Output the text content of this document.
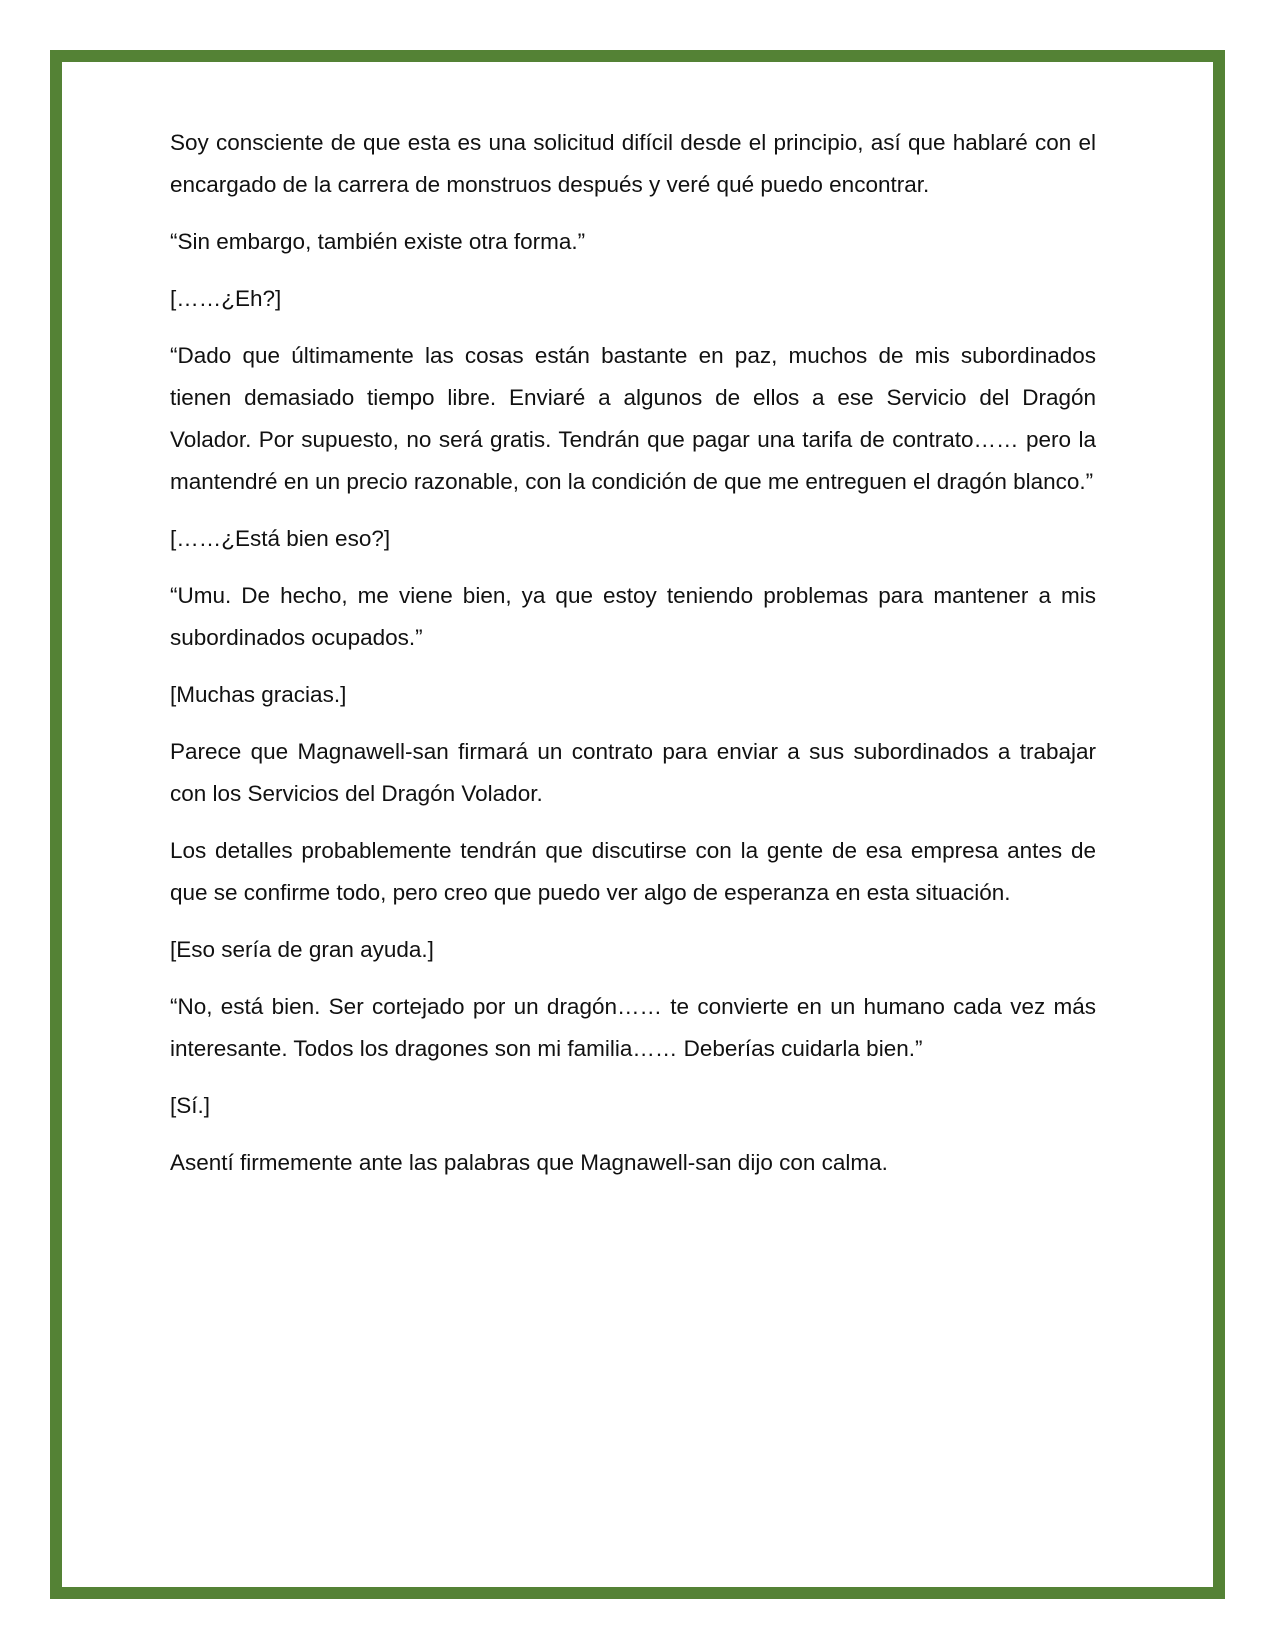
Soy consciente de que esta es una solicitud difícil desde el principio, así que hablaré con el encargado de la carrera de monstruos después y veré qué puedo encontrar.

“Sin embargo, también existe otra forma.”

[……¿Eh?]

“Dado que últimamente las cosas están bastante en paz, muchos de mis subordinados tienen demasiado tiempo libre. Enviaré a algunos de ellos a ese Servicio del Dragón Volador. Por supuesto, no será gratis. Tendrán que pagar una tarifa de contrato…… pero la mantendré en un precio razonable, con la condición de que me entreguen el dragón blanco.”

[……¿Está bien eso?]

“Umu. De hecho, me viene bien, ya que estoy teniendo problemas para mantener a mis subordinados ocupados.”

[Muchas gracias.]

Parece que Magnawell-san firmará un contrato para enviar a sus subordinados a trabajar con los Servicios del Dragón Volador.

Los detalles probablemente tendrán que discutirse con la gente de esa empresa antes de que se confirme todo, pero creo que puedo ver algo de esperanza en esta situación.

[Eso sería de gran ayuda.]

“No, está bien. Ser cortejado por un dragón…… te convierte en un humano cada vez más interesante. Todos los dragones son mi familia…… Deberías cuidarla bien.”

[Sí.]

Asentí firmemente ante las palabras que Magnawell-san dijo con calma.
